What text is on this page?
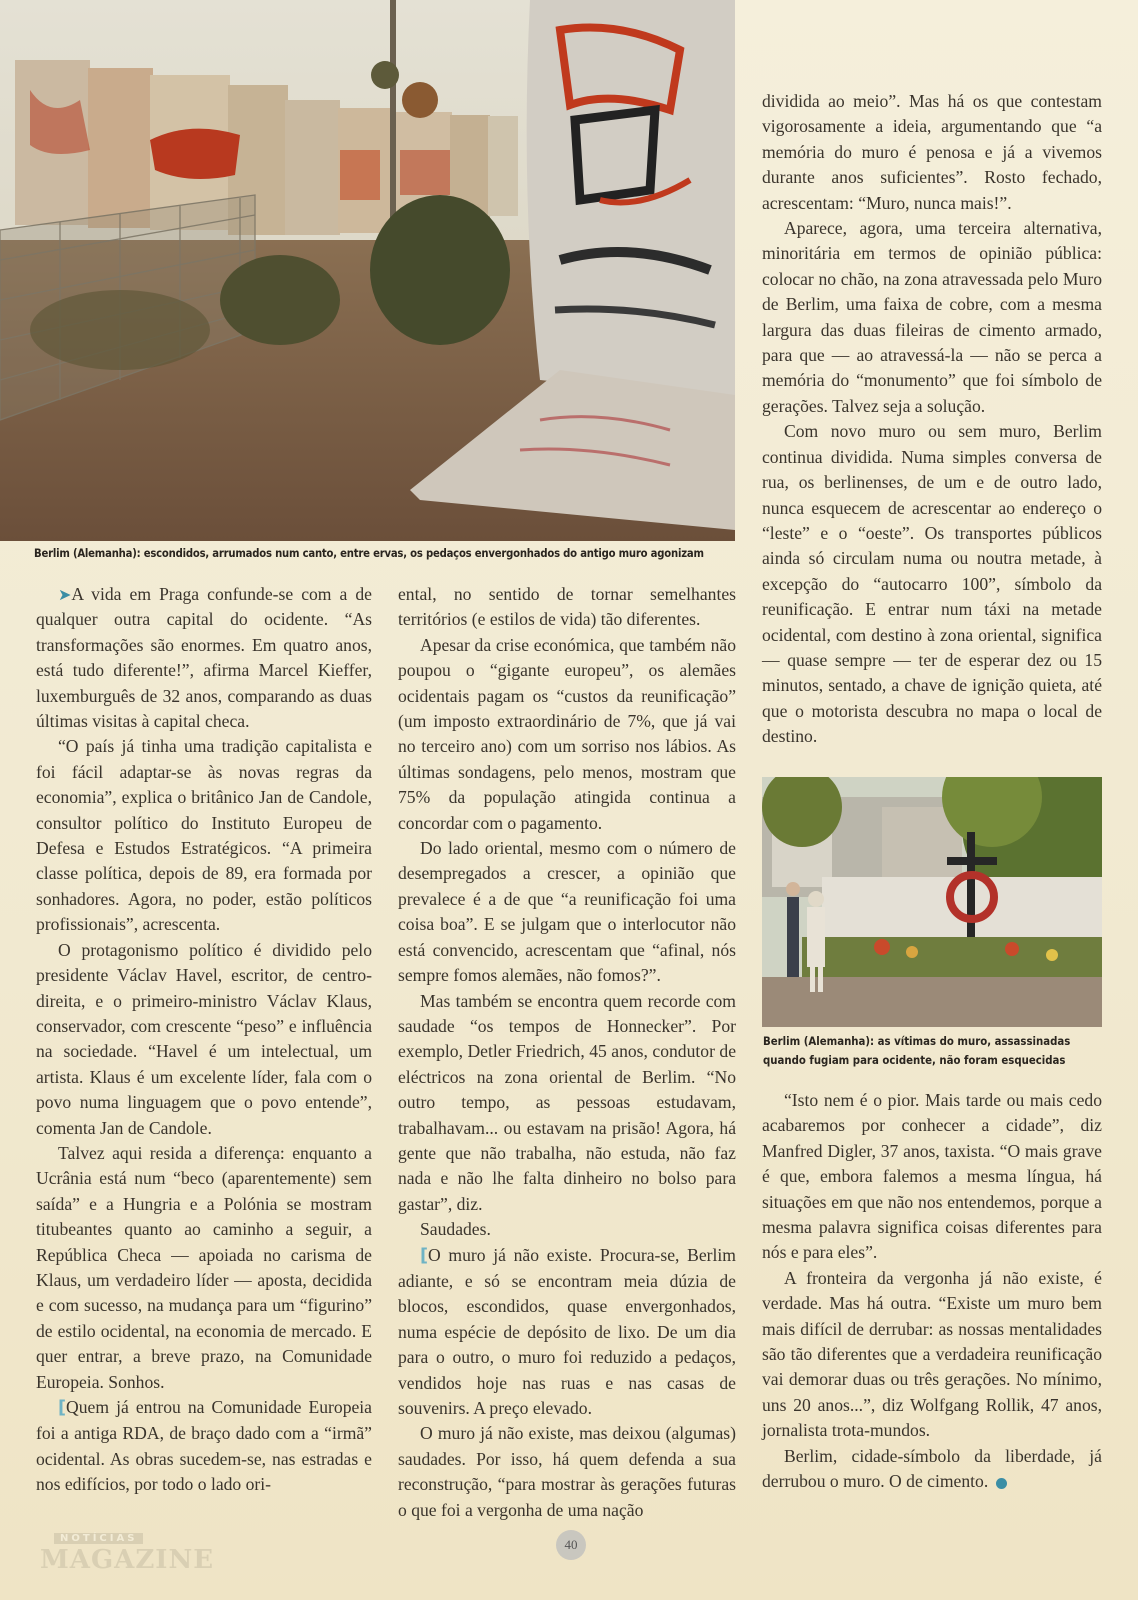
Berlim (Alemanha): escondidos, arrumados num canto, entre ervas, os pedaços envergonhados do antigo muro agonizam

➤A vida em Praga confunde-se com a de qualquer outra capital do ocidente. “As transformações são enormes. Em quatro anos, está tudo diferente!”, afirma Marcel Kieffer, luxemburguês de 32 anos, comparando as duas últimas visitas à capital checa.

“O país já tinha uma tradição capitalista e foi fácil adaptar-se às novas regras da economia”, explica o britânico Jan de Candole, consultor político do Instituto Europeu de Defesa e Estudos Estratégicos. “A primeira classe política, depois de 89, era formada por sonhadores. Agora, no poder, estão políticos profissionais”, acrescenta.

O protagonismo político é dividido pelo presidente Václav Havel, escritor, de centro-direita, e o primeiro-ministro Václav Klaus, conservador, com crescente “peso” e influência na sociedade. “Havel é um intelectual, um artista. Klaus é um excelente líder, fala com o povo numa linguagem que o povo entende”, comenta Jan de Candole.

Talvez aqui resida a diferença: enquanto a Ucrânia está num “beco (aparentemente) sem saída” e a Hungria e a Polónia se mostram titubeantes quanto ao caminho a seguir, a República Checa — apoiada no carisma de Klaus, um verdadeiro líder — aposta, decidida e com sucesso, na mudança para um “figurino” de estilo ocidental, na economia de mercado. E quer entrar, a breve prazo, na Comunidade Europeia. Sonhos.

[Quem já entrou na Comunidade Europeia foi a antiga RDA, de braço dado com a “irmã” ocidental. As obras sucedem-se, nas estradas e nos edifícios, por todo o lado ori-

ental, no sentido de tornar semelhantes territórios (e estilos de vida) tão diferentes.

Apesar da crise económica, que também não poupou o “gigante europeu”, os alemães ocidentais pagam os “custos da reunificação” (um imposto extraordinário de 7%, que já vai no terceiro ano) com um sorriso nos lábios. As últimas sondagens, pelo menos, mostram que 75% da população atingida continua a concordar com o pagamento.

Do lado oriental, mesmo com o número de desempregados a crescer, a opinião que prevalece é a de que “a reunificação foi uma coisa boa”. E se julgam que o interlocutor não está convencido, acrescentam que “afinal, nós sempre fomos alemães, não fomos?”.

Mas também se encontra quem recorde com saudade “os tempos de Honnecker”. Por exemplo, Detler Friedrich, 45 anos, condutor de eléctricos na zona oriental de Berlim. “No outro tempo, as pessoas estudavam, trabalhavam... ou estavam na prisão! Agora, há gente que não trabalha, não estuda, não faz nada e não lhe falta dinheiro no bolso para gastar”, diz.

Saudades.

[O muro já não existe. Procura-se, Berlim adiante, e só se encontram meia dúzia de blocos, escondidos, quase envergonhados, numa espécie de depósito de lixo. De um dia para o outro, o muro foi reduzido a pedaços, vendidos hoje nas ruas e nas casas de souvenirs. A preço elevado.

O muro já não existe, mas deixou (algumas) saudades. Por isso, há quem defenda a sua reconstrução, “para mostrar às gerações futuras o que foi a vergonha de uma nação

dividida ao meio”. Mas há os que contestam vigorosamente a ideia, argumentando que “a memória do muro é penosa e já a vivemos durante anos suficientes”. Rosto fechado, acrescentam: “Muro, nunca mais!”.

Aparece, agora, uma terceira alternativa, minoritária em termos de opinião pública: colocar no chão, na zona atravessada pelo Muro de Berlim, uma faixa de cobre, com a mesma largura das duas fileiras de cimento armado, para que — ao atravessá-la — não se perca a memória do “monumento” que foi símbolo de gerações. Talvez seja a solução.

Com novo muro ou sem muro, Berlim continua dividida. Numa simples conversa de rua, os berlinenses, de um e de outro lado, nunca esquecem de acrescentar ao endereço o “leste” e o “oeste”. Os transportes públicos ainda só circulam numa ou noutra metade, à excepção do “autocarro 100”, símbolo da reunificação. E entrar num táxi na metade ocidental, com destino à zona oriental, significa — quase sempre — ter de esperar dez ou 15 minutos, sentado, a chave de ignição quieta, até que o motorista descubra no mapa o local de destino.

Berlim (Alemanha): as vítimas do muro, assassinadas quando fugiam para ocidente, não foram esquecidas

“Isto nem é o pior. Mais tarde ou mais cedo acabaremos por conhecer a cidade”, diz Manfred Digler, 37 anos, taxista. “O mais grave é que, embora falemos a mesma língua, há situações em que não nos entendemos, porque a mesma palavra significa coisas diferentes para nós e para eles”.

A fronteira da vergonha já não existe, é verdade. Mas há outra. “Existe um muro bem mais difícil de derrubar: as nossas mentalidades são tão diferentes que a verdadeira reunificação vai demorar duas ou três gerações. No mínimo, uns 20 anos...”, diz Wolfgang Rollik, 47 anos, jornalista trota-mundos.

Berlim, cidade-símbolo da liberdade, já derrubou o muro. O de cimento.

NOTÍCIAS
MAGAZINE
40
